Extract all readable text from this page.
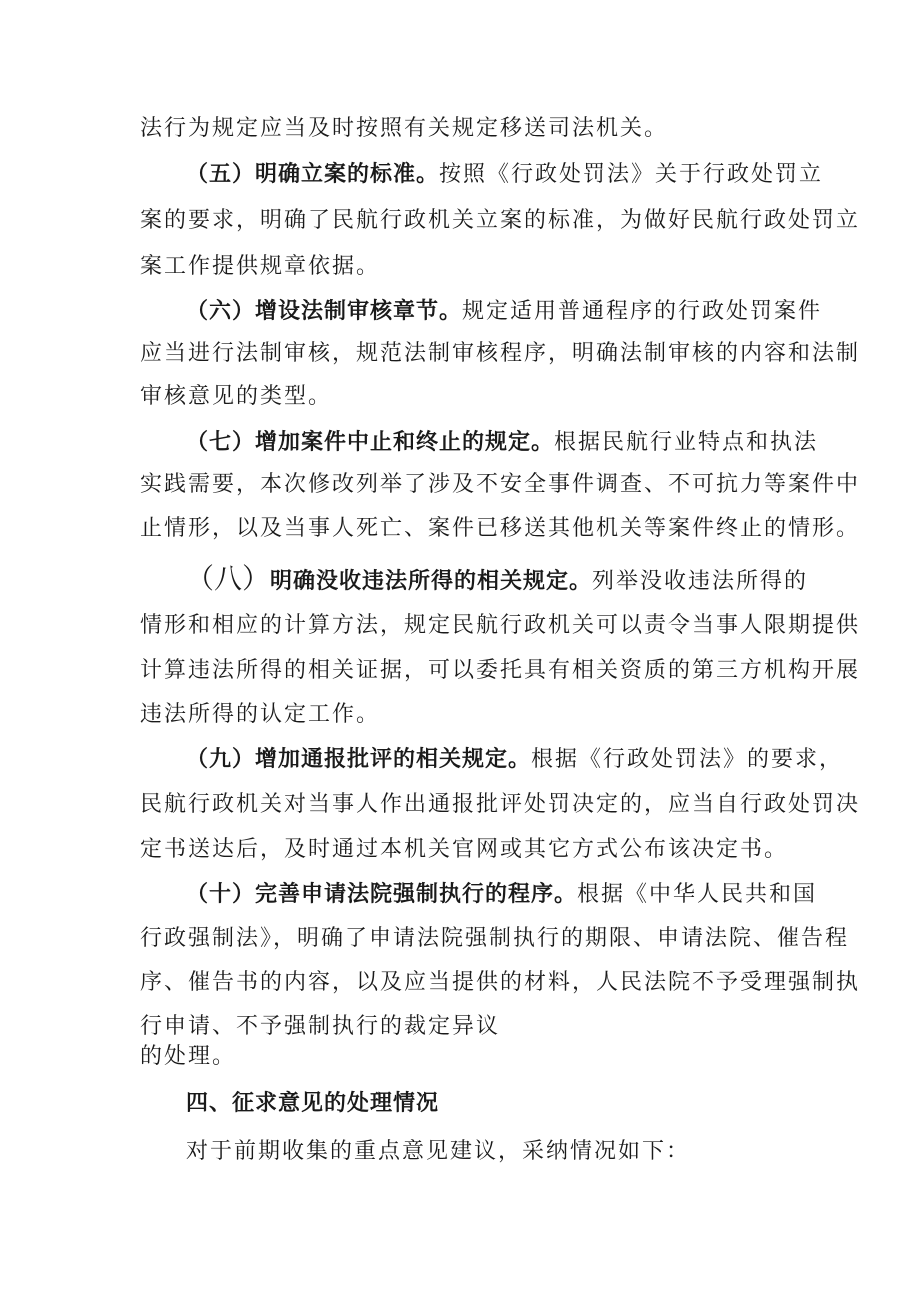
法行为规定应当及时按照有关规定移送司法机关。
（五）明确立案的标准。按照《行政处罚法》关于行政处罚立
案的要求，明确了民航行政机关立案的标准，为做好民航行政处罚立
案工作提供规章依据。
（六）增设法制审核章节。规定适用普通程序的行政处罚案件
应当进行法制审核，规范法制审核程序，明确法制审核的内容和法制
审核意见的类型。
（七）增加案件中止和终止的规定。根据民航行业特点和执法
实践需要，本次修改列举了涉及不安全事件调查、不可抗力等案件中
止情形，以及当事人死亡、案件已移送其他机关等案件终止的情形。
（八）明确没收违法所得的相关规定。列举没收违法所得的
情形和相应的计算方法，规定民航行政机关可以责令当事人限期提供
计算违法所得的相关证据，可以委托具有相关资质的第三方机构开展
违法所得的认定工作。
（九）增加通报批评的相关规定。根据《行政处罚法》的要求，
民航行政机关对当事人作出通报批评处罚决定的，应当自行政处罚决
定书送达后，及时通过本机关官网或其它方式公布该决定书。
（十）完善申请法院强制执行的程序。根据《中华人民共和国
行政强制法》，明确了申请法院强制执行的期限、申请法院、催告程
序、催告书的内容，以及应当提供的材料，人民法院不予受理强制执
行申请、不予强制执行的裁定异议
的处理。
四、征求意见的处理情况
对于前期收集的重点意见建议，采纳情况如下：
